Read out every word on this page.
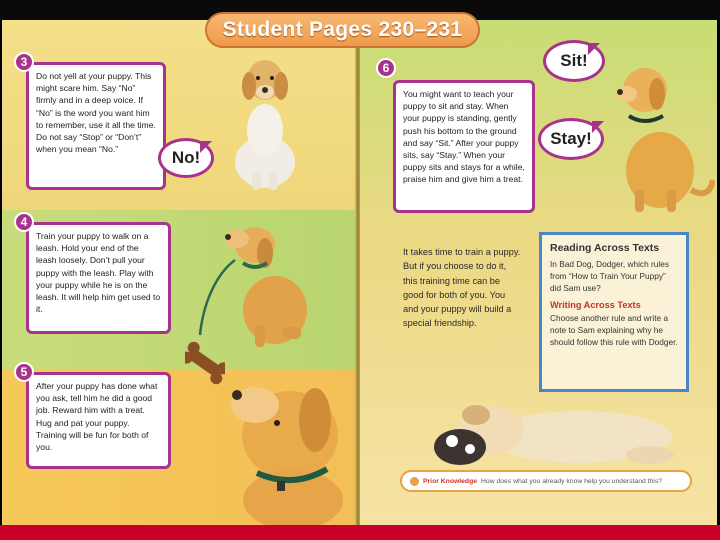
Student Pages 230–231
3
Do not yell at your puppy. This might scare him. Say “No” firmly and in a deep voice. If “No” is the word you want him to remember, use it all the time. Do not say “Stop” or “Don’t” when you mean “No.”	No!
4
Train your puppy to walk on a leash. Hold your end of the leash loosely. Don’t pull your puppy with the leash. Play with your puppy while he is on the leash. It will help him get used to it.
5
After your puppy has done what you ask, tell him he did a good job. Reward him with a treat. Hug and pat your puppy. Training will be fun for both of you.
6
You might want to teach your puppy to sit and stay. When your puppy is standing, gently push his bottom to the ground and say “Sit.” After your puppy sits, say “Stay.” When your puppy sits and stays for a while, praise him and give him a treat.
Sit!
Stay!
It takes time to train a puppy. But if you choose to do it, this training time can be good for both of you. You and your puppy will build a special friendship.
Reading Across Texts
In Bad Dog, Dodger, which rules from “How to Train Your Puppy” did Sam use?
Writing Across Texts
Choose another rule and write a note to Sam explaining why he should follow this rule with Dodger.
Prior Knowledge How does what you already know help you understand this?
